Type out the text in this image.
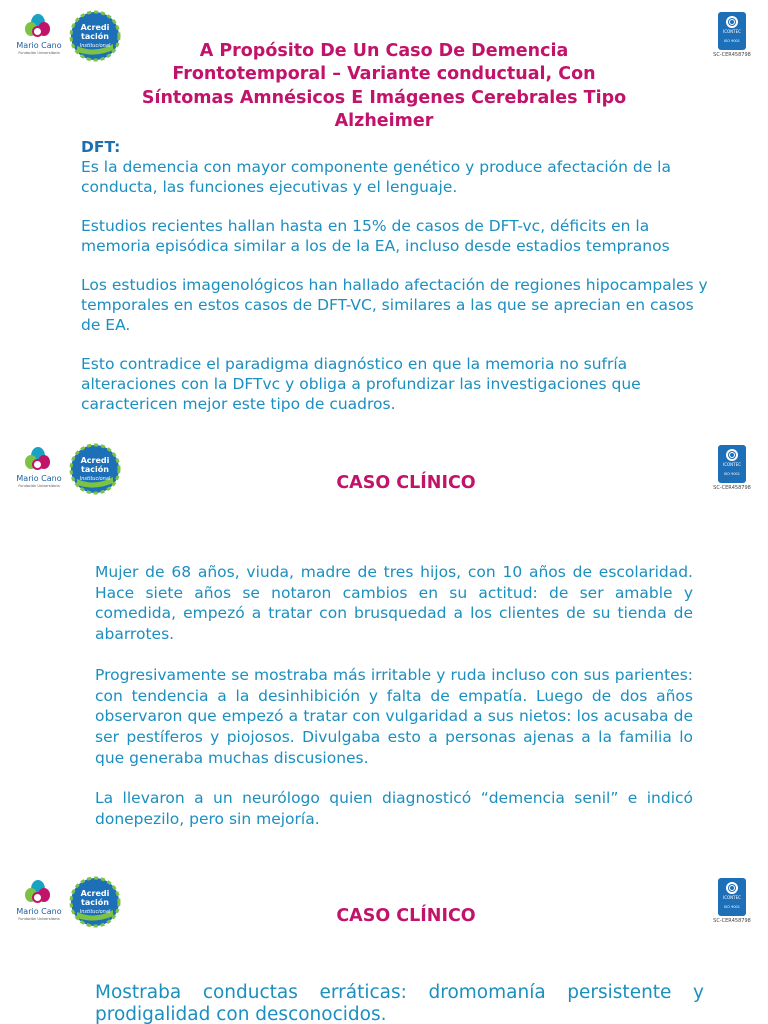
Mario Cano
Fundación Universitaria
Acredi
tación
Institucional
ICONTEC
ISO 9001
SC-CER458798
A Propósito De Un Caso De Demencia Frontotemporal – Variante conductual, Con Síntomas Amnésicos E Imágenes Cerebrales Tipo Alzheimer

DFT:

Es la demencia con mayor componente genético y produce afectación de la conducta, las funciones ejecutivas y el lenguaje.

Estudios recientes hallan hasta en 15% de casos de DFT-vc, déficits en la memoria episódica similar a los de la EA, incluso desde estadios tempranos

Los estudios imagenológicos han hallado afectación de regiones hipocampales y temporales en estos casos de DFT-VC, similares a las que se aprecian en casos de EA.

Esto contradice el paradigma diagnóstico en que la memoria no sufría alteraciones con la DFTvc y obliga a profundizar las investigaciones que caractericen mejor este tipo de cuadros.

Mario Cano
Fundación Universitaria
Acredi
tación
Institucional
ICONTEC
ISO 9001
SC-CER458798
CASO CLÍNICO

Mujer de 68 años, viuda, madre de tres hijos, con 10 años de escolaridad. Hace siete años se notaron cambios en su actitud: de ser amable y comedida, empezó a tratar con brusquedad a los clientes de su tienda de abarrotes.

Progresivamente se mostraba más irritable y ruda incluso con sus parientes: con tendencia a la desinhibición y falta de empatía. Luego de dos años observaron que empezó a tratar con vulgaridad a sus nietos: los acusaba de ser pestíferos y piojosos. Divulgaba esto a personas ajenas a la familia lo que generaba muchas discusiones.

La llevaron a un neurólogo quien diagnosticó “demencia senil” e indicó donepezilo, pero sin mejoría.

Mario Cano
Fundación Universitaria
Acredi
tación
Institucional
ICONTEC
ISO 9001
SC-CER458798
CASO CLÍNICO

Mostraba conductas erráticas: dromomanía persistente y prodigalidad con desconocidos.
